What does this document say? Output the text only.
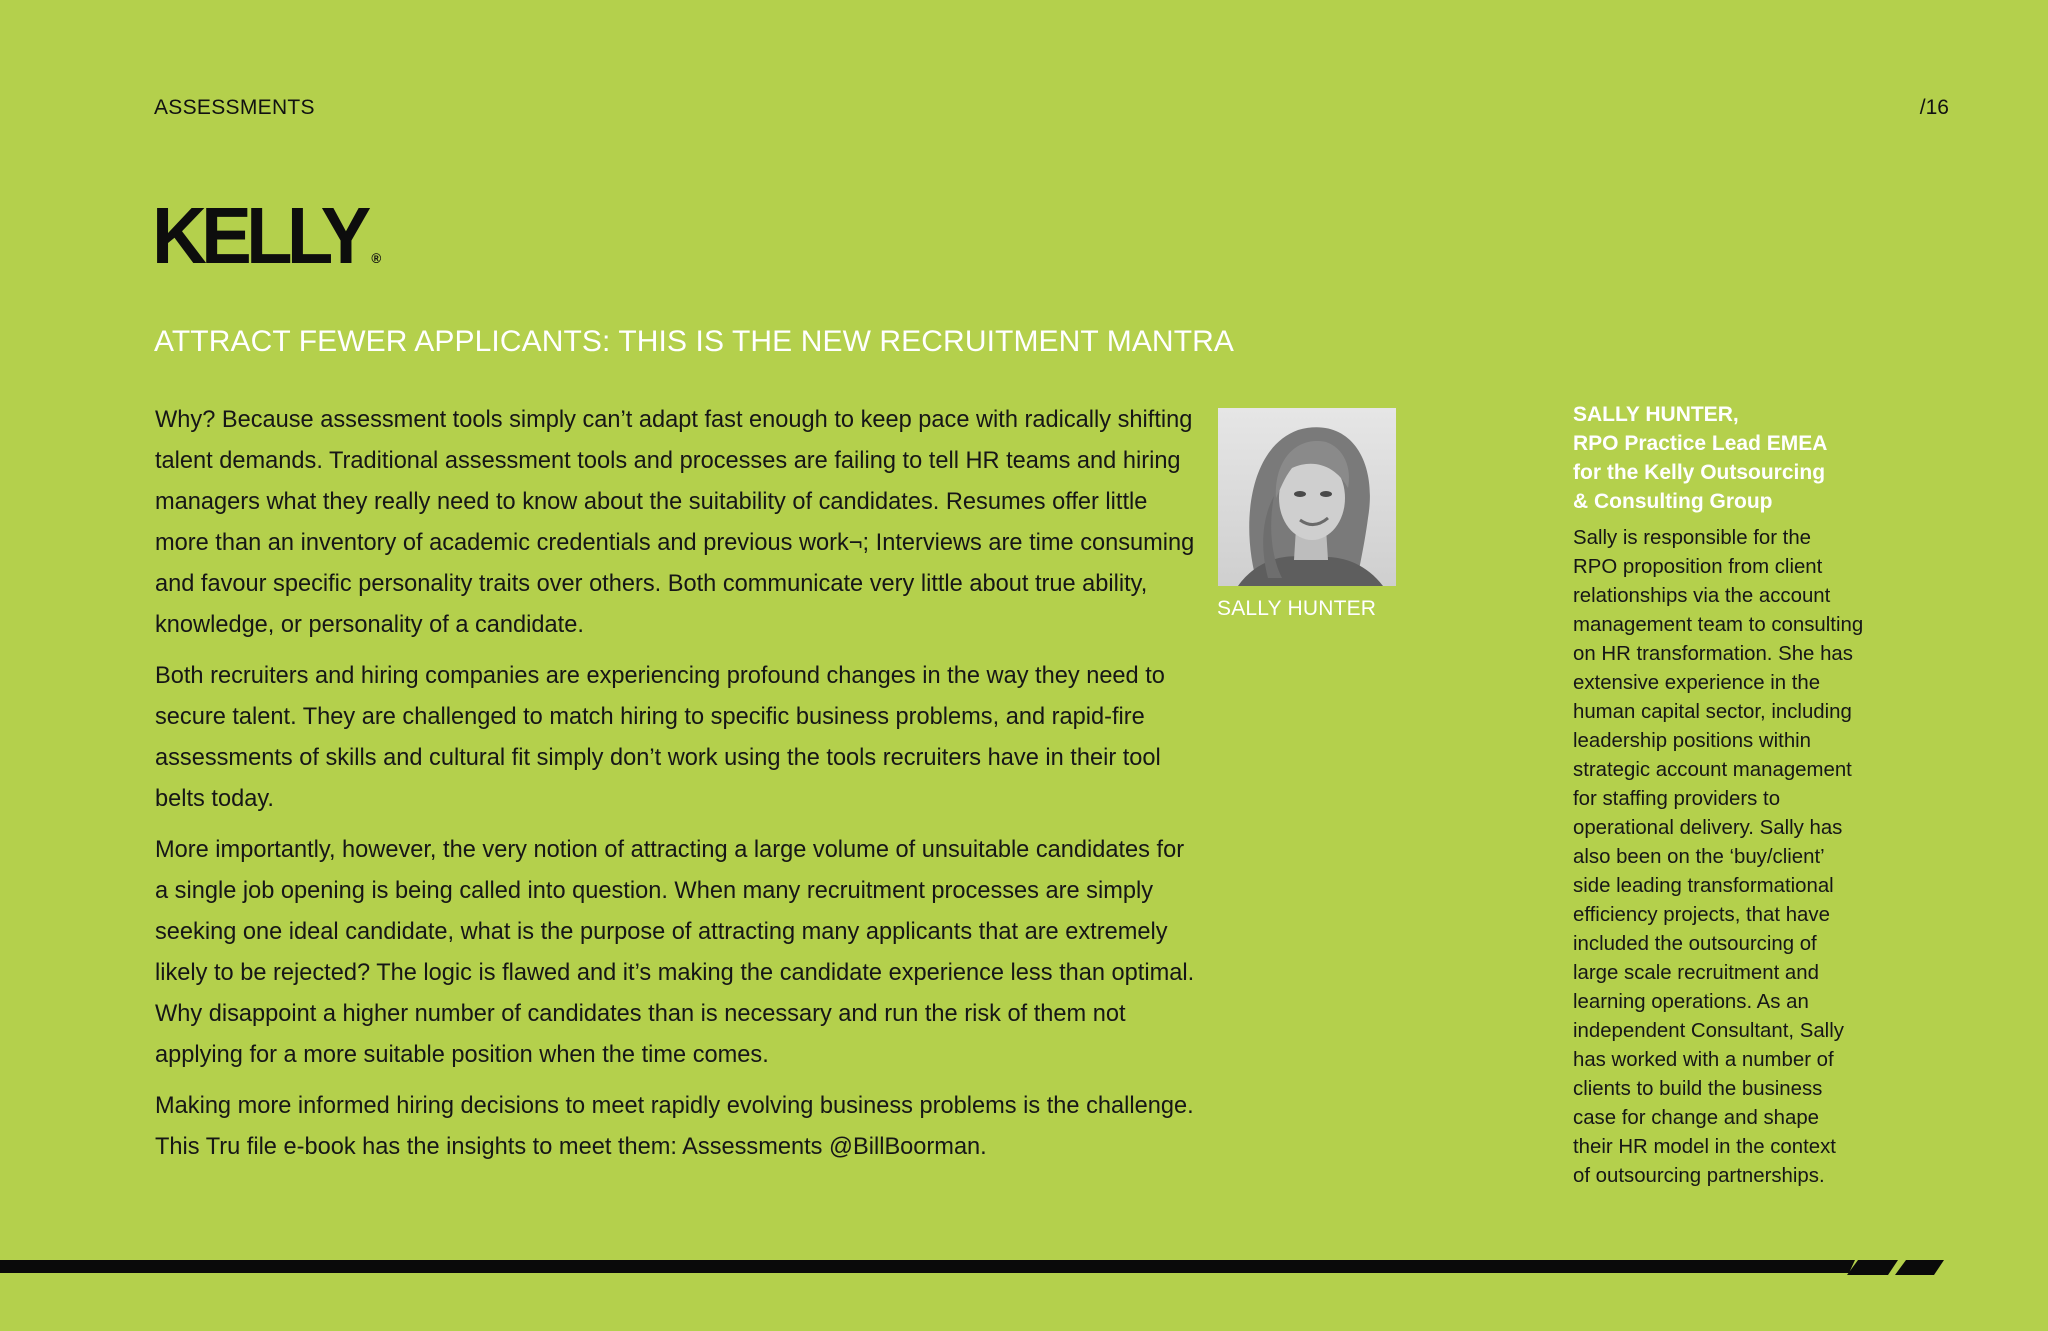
ASSESSMENTS	/16
KELLY ®
ATTRACT FEWER APPLICANTS: THIS IS THE NEW RECRUITMENT MANTRA

Why? Because assessment tools simply can’t adapt fast enough to keep pace with radically shifting talent demands. Traditional assessment tools and processes are failing to tell HR teams and hiring managers what they really need to know about the suitability of candidates. Resumes offer little more than an inventory of academic credentials and previous work¬; Interviews are time consuming and favour specific personality traits over others. Both communicate very little about true ability, knowledge, or personality of a candidate.

Both recruiters and hiring companies are experiencing profound changes in the way they need to secure talent. They are challenged to match hiring to specific business problems, and rapid-fire assessments of skills and cultural fit simply don’t work using the tools recruiters have in their tool belts today.

More importantly, however, the very notion of attracting a large volume of unsuitable candidates for a single job opening is being called into question. When many recruitment processes are simply seeking one ideal candidate, what is the purpose of attracting many applicants that are extremely likely to be rejected? The logic is flawed and it’s making the candidate experience less than optimal. Why disappoint a higher number of candidates than is necessary and run the risk of them not applying for a more suitable position when the time comes.

Making more informed hiring decisions to meet rapidly evolving business problems is the challenge. This Tru file e-book has the insights to meet them: Assessments @BillBoorman.

SALLY HUNTER
SALLY HUNTER,
RPO Practice Lead EMEA
for the Kelly Outsourcing
& Consulting Group
Sally is responsible for the
RPO proposition from client
relationships via the account
management team to consulting
on HR transformation. She has
extensive experience in the
human capital sector, including
leadership positions within
strategic account management
for staffing providers to
operational delivery. Sally has
also been on the ‘buy/client’
side leading transformational
efficiency projects, that have
included the outsourcing of
large scale recruitment and
learning operations. As an
independent Consultant, Sally
has worked with a number of
clients to build the business
case for change and shape
their HR model in the context
of outsourcing partnerships.
